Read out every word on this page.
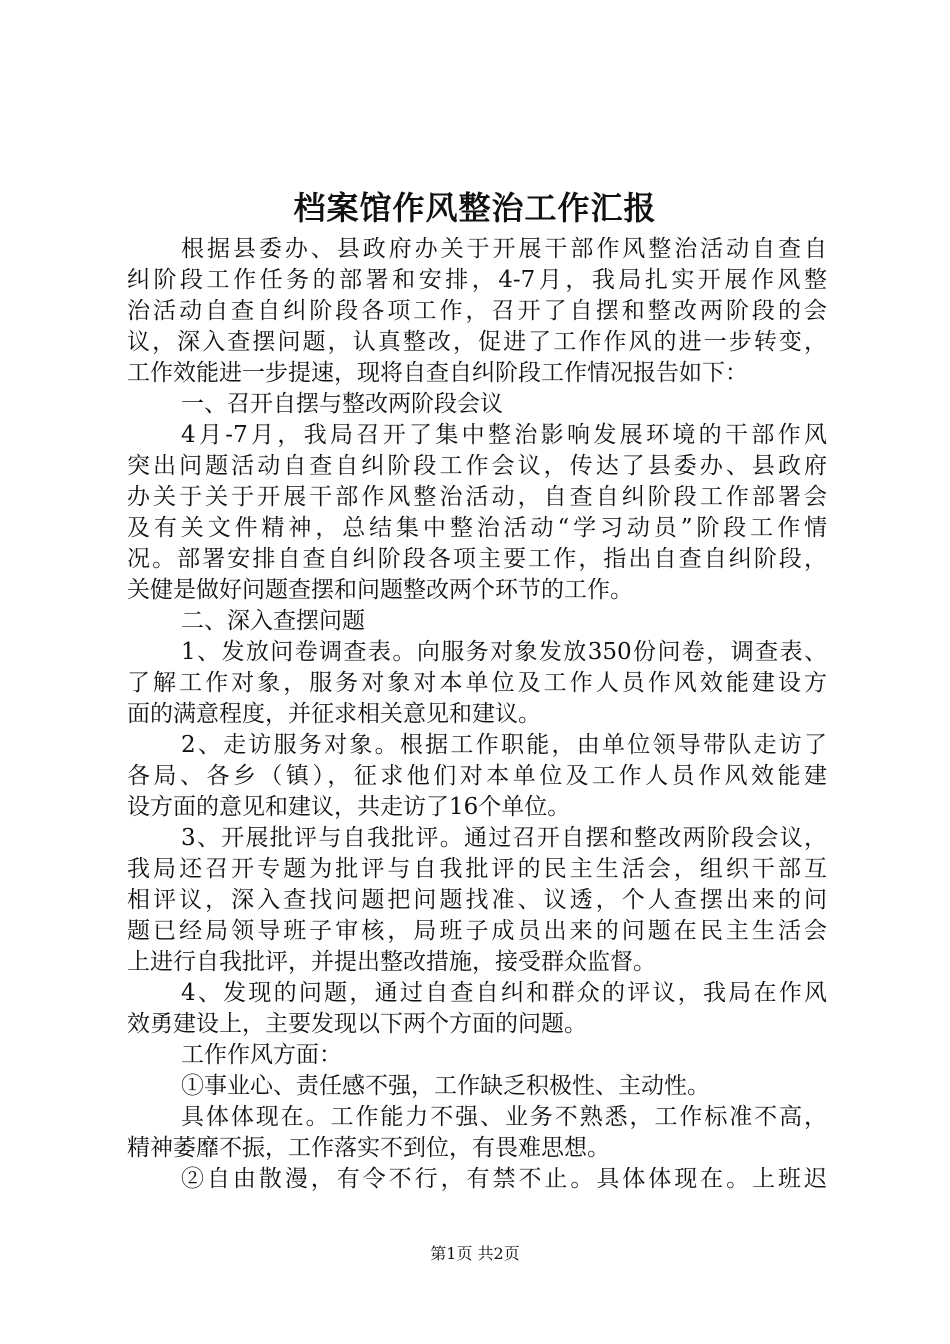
档案馆作风整治工作汇报
根据县委办、县政府办关于开展干部作风整治活动自查自
纠阶段工作任务的部署和安排，4-7月，我局扎实开展作风整
治活动自查自纠阶段各项工作，召开了自摆和整改两阶段的会
议，深入查摆问题，认真整改，促进了工作作风的进一步转变，
工作效能进一步提速，现将自查自纠阶段工作情况报告如下：
一、召开自摆与整改两阶段会议
4月-7月，我局召开了集中整治影响发展环境的干部作风
突出问题活动自查自纠阶段工作会议，传达了县委办、县政府
办关于关于开展干部作风整治活动，自查自纠阶段工作部署会
及有关文件精神，总结集中整治活动“学习动员”阶段工作情
况。部署安排自查自纠阶段各项主要工作，指出自查自纠阶段，
关健是做好问题查摆和问题整改两个环节的工作。
二、深入查摆问题
1、发放问卷调查表。向服务对象发放350份问卷，调查表、
了解工作对象，服务对象对本单位及工作人员作风效能建设方
面的满意程度，并征求相关意见和建议。
2、走访服务对象。根据工作职能，由单位领导带队走访了
各局、各乡（镇），征求他们对本单位及工作人员作风效能建
设方面的意见和建议，共走访了16个单位。
3、开展批评与自我批评。通过召开自摆和整改两阶段会议，
我局还召开专题为批评与自我批评的民主生活会，组织干部互
相评议，深入查找问题把问题找准、议透，个人查摆出来的问
题已经局领导班子审核，局班子成员出来的问题在民主生活会
上进行自我批评，并提出整改措施，接受群众监督。
4、发现的问题，通过自查自纠和群众的评议，我局在作风
效勇建设上，主要发现以下两个方面的问题。
工作作风方面：
①事业心、责任感不强，工作缺乏积极性、主动性。
具体体现在。工作能力不强、业务不熟悉，工作标准不高，
精神萎靡不振，工作落实不到位，有畏难思想。
②自由散漫，有令不行，有禁不止。具体体现在。上班迟
第1页 共2页
